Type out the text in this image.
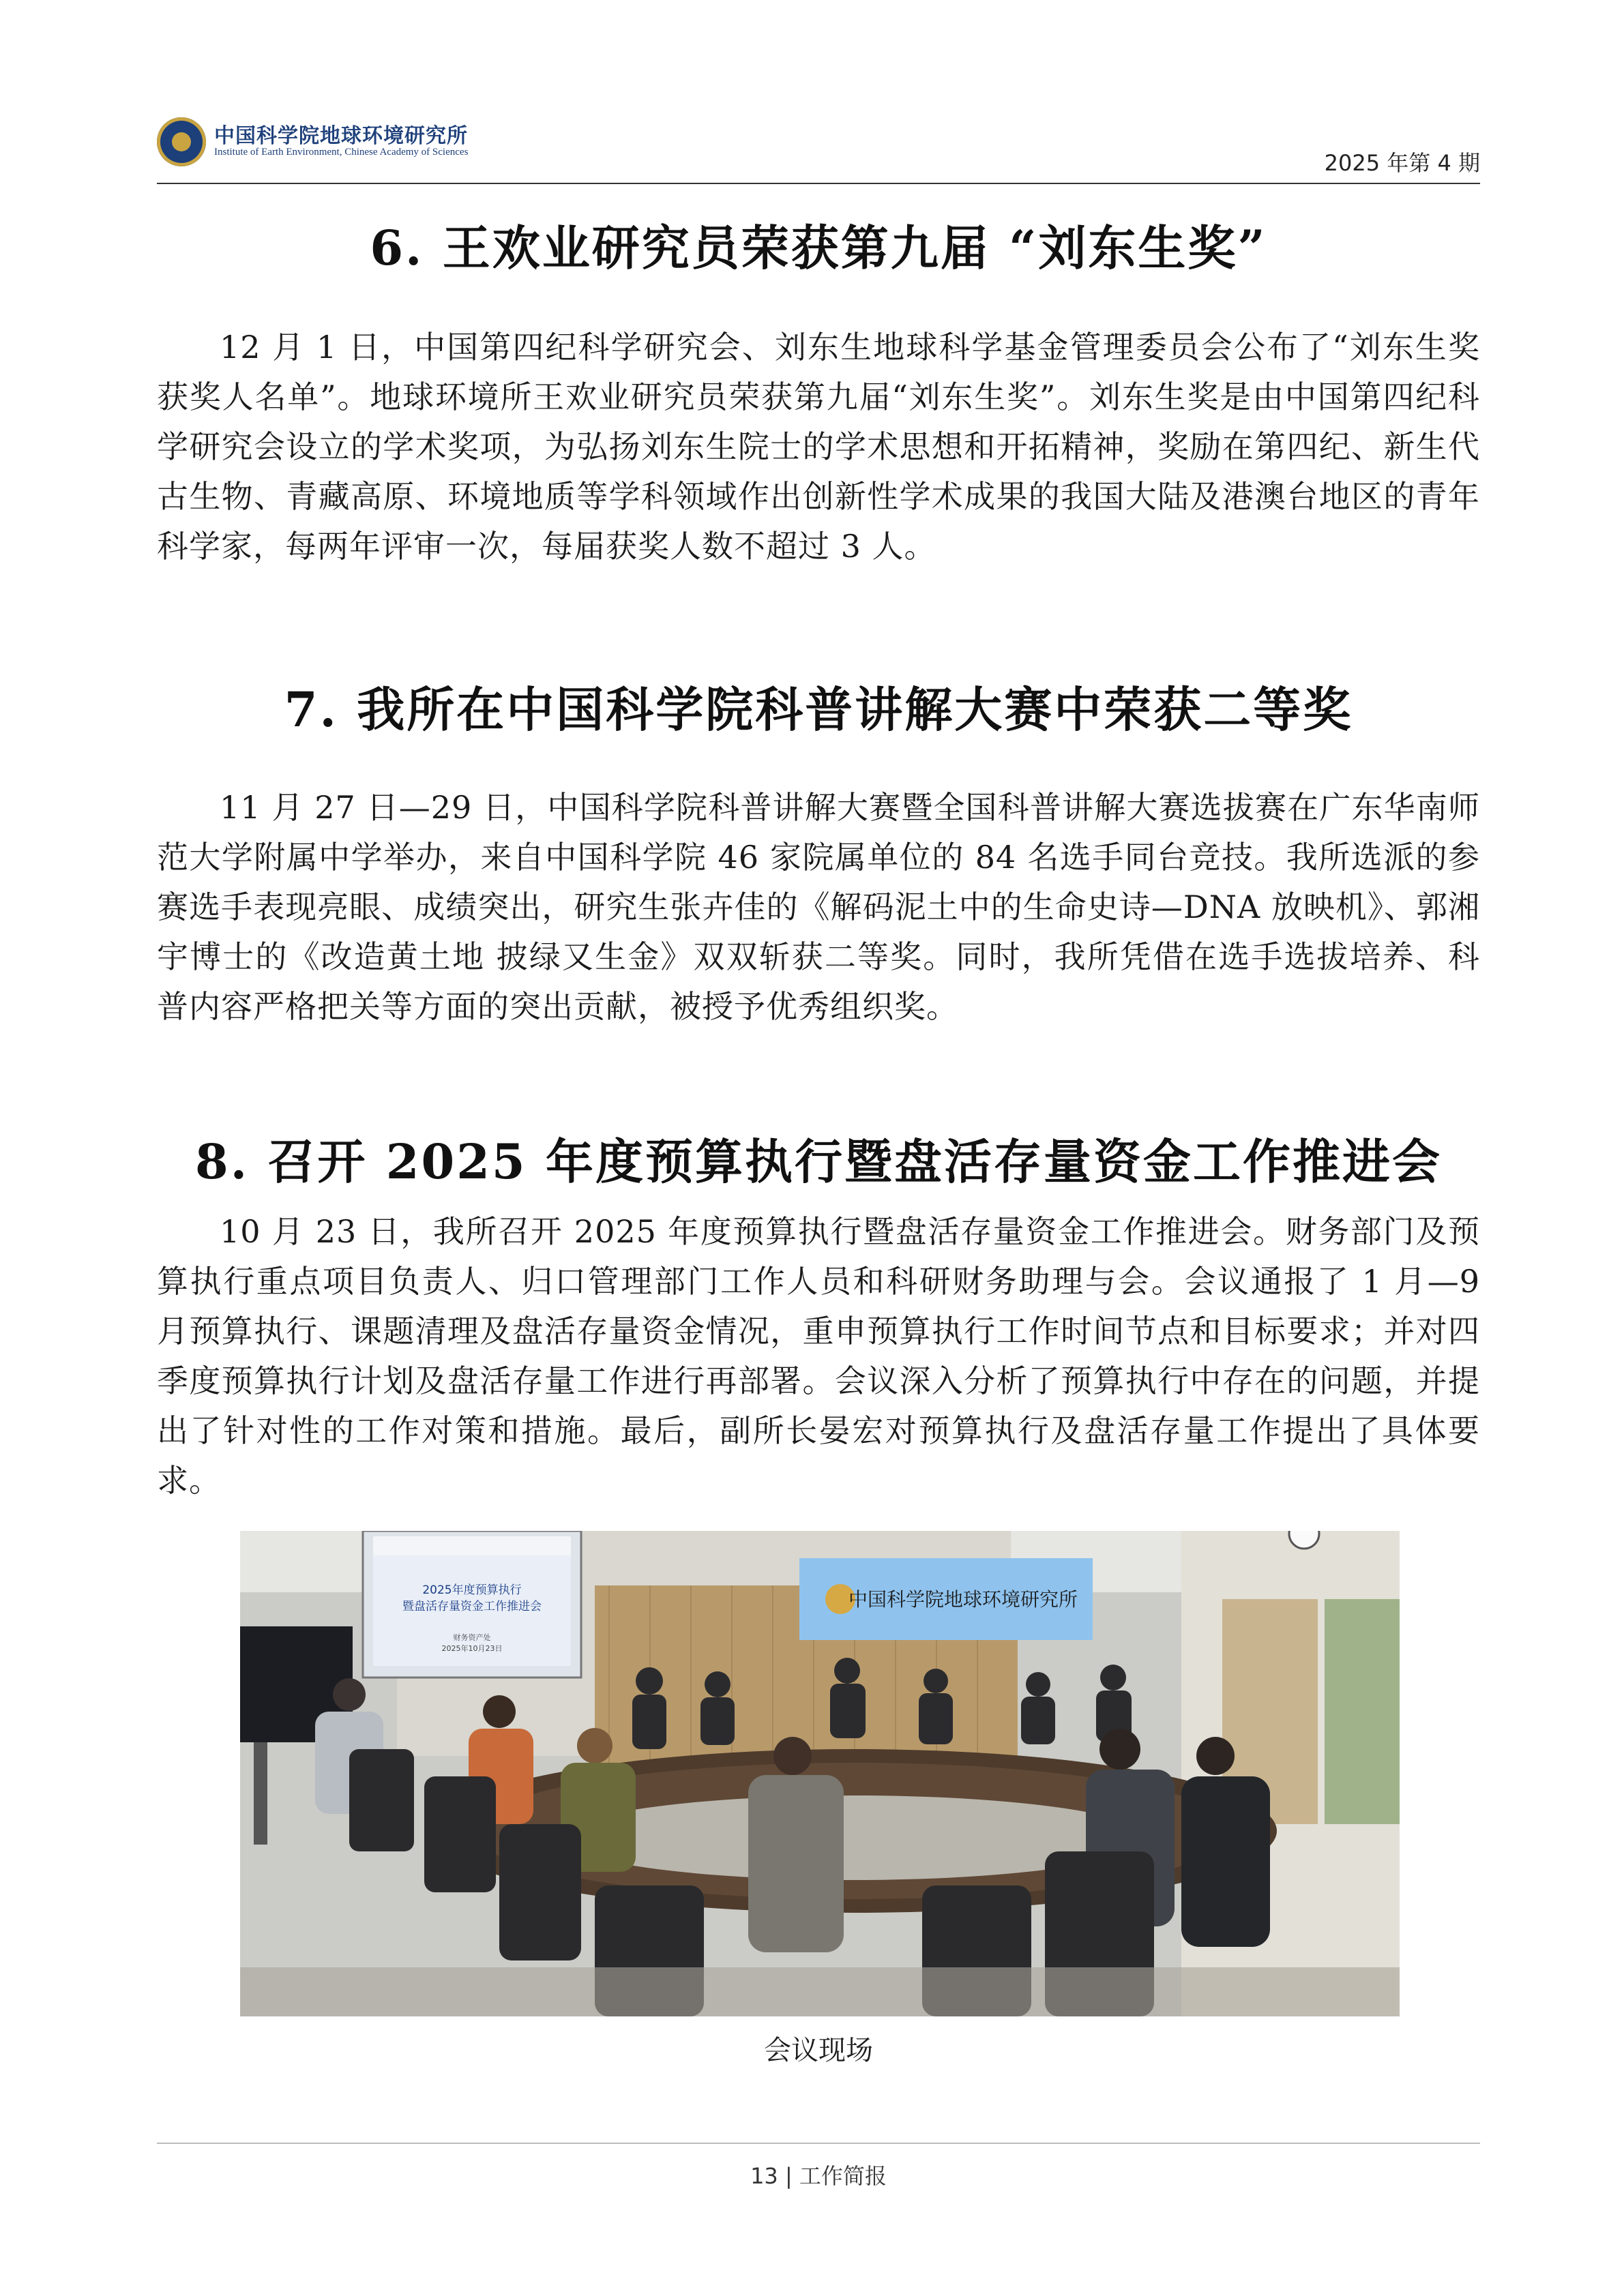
中国科学院地球环境研究所
Institute of Earth Environment, Chinese Academy of Sciences	2025 年第 4 期
6. 王欢业研究员荣获第九届 “刘东生奖”

12 月 1 日，中国第四纪科学研究会、刘东生地球科学基金管理委员会公布了“刘东生奖获奖人名单”。地球环境所王欢业研究员荣获第九届“刘东生奖”。刘东生奖是由中国第四纪科学研究会设立的学术奖项，为弘扬刘东生院士的学术思想和开拓精神，奖励在第四纪、新生代古生物、青藏高原、环境地质等学科领域作出创新性学术成果的我国大陆及港澳台地区的青年科学家，每两年评审一次，每届获奖人数不超过 3 人。

7. 我所在中国科学院科普讲解大赛中荣获二等奖

11 月 27 日—29 日，中国科学院科普讲解大赛暨全国科普讲解大赛选拔赛在广东华南师范大学附属中学举办，来自中国科学院 46 家院属单位的 84 名选手同台竞技。我所选派的参赛选手表现亮眼、成绩突出，研究生张卉佳的《解码泥土中的生命史诗—DNA 放映机》、郭湘宇博士的《改造黄土地 披绿又生金》双双斩获二等奖。同时，我所凭借在选手选拔培养、科普内容严格把关等方面的突出贡献，被授予优秀组织奖。

8. 召开 2025 年度预算执行暨盘活存量资金工作推进会

10 月 23 日，我所召开 2025 年度预算执行暨盘活存量资金工作推进会。财务部门及预算执行重点项目负责人、归口管理部门工作人员和科研财务助理与会。会议通报了 1 月—9 月预算执行、课题清理及盘活存量资金情况，重申预算执行工作时间节点和目标要求；并对四季度预算执行计划及盘活存量工作进行再部署。会议深入分析了预算执行中存在的问题，并提出了针对性的工作对策和措施。最后，副所长晏宏对预算执行及盘活存量工作提出了具体要求。

2025年度预算执行
暨盘活存量资金工作推进会
财务资产处
2025年10月23日
中国科学院地球环境研究所
会议现场
13 | 工作简报
